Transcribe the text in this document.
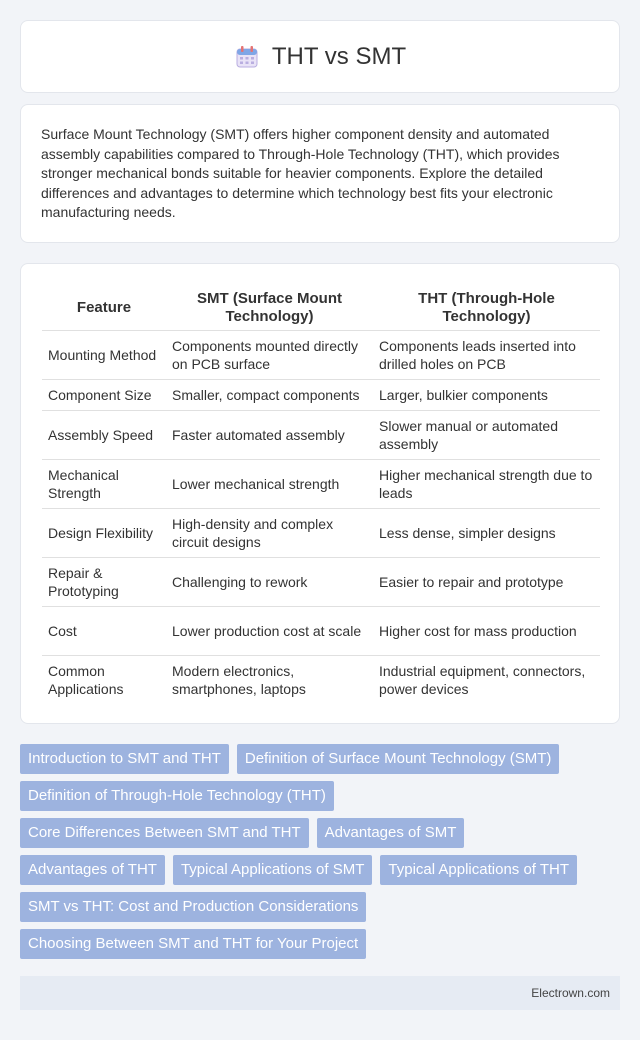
THT vs SMT

Surface Mount Technology (SMT) offers higher component density and automated assembly capabilities compared to Through-Hole Technology (THT), which provides stronger mechanical bonds suitable for heavier components. Explore the detailed differences and advantages to determine which technology best fits your electronic manufacturing needs.

Feature	SMT (Surface Mount Technology)	THT (Through-Hole Technology)
Mounting Method	Components mounted directly on PCB surface	Components leads inserted into drilled holes on PCB
Component Size	Smaller, compact components	Larger, bulkier components
Assembly Speed	Faster automated assembly	Slower manual or automated assembly
Mechanical Strength	Lower mechanical strength	Higher mechanical strength due to leads
Design Flexibility	High-density and complex circuit designs	Less dense, simpler designs
Repair & Prototyping	Challenging to rework	Easier to repair and prototype
Cost	Lower production cost at scale	Higher cost for mass production
Common Applications	Modern electronics, smartphones, laptops	Industrial equipment, connectors, power devices
Introduction to SMT and THT	Definition of Surface Mount Technology (SMT)
Definition of Through-Hole Technology (THT)
Core Differences Between SMT and THT	Advantages of SMT
Advantages of THT	Typical Applications of SMT	Typical Applications of THT
SMT vs THT: Cost and Production Considerations
Choosing Between SMT and THT for Your Project
Electrown.com
